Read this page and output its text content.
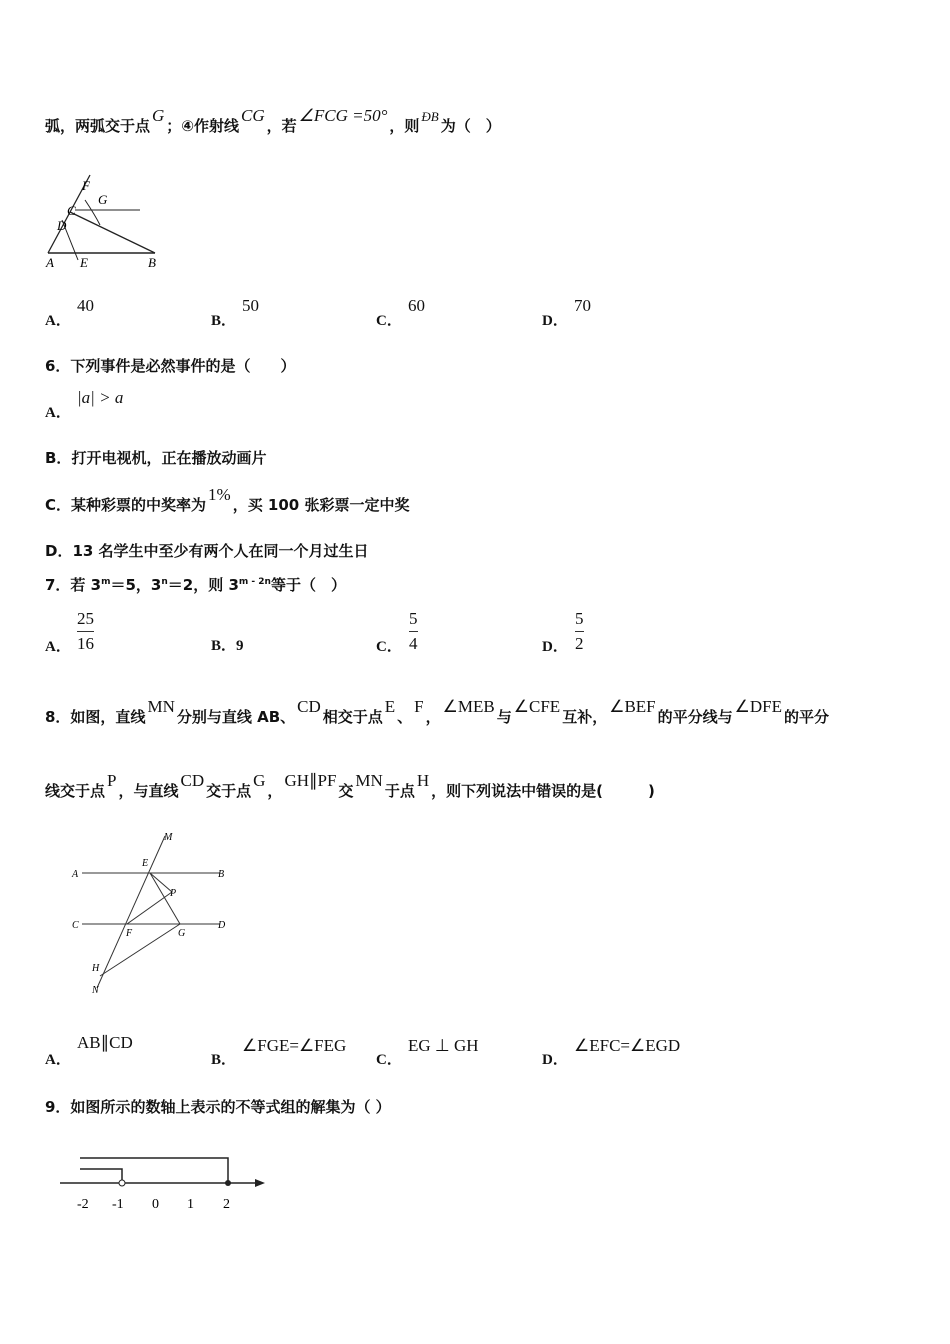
弧，两弧交于点G；④作射线CG，若∠FCG =50°，则ÐB为（　）
F
G
C
D
A E	B
A．
40
B．
50
C．
60
D．
70
6．下列事件是必然事件的是（　　）
A．
|a| > a
B．打开电视机，正在播放动画片
C．某种彩票的中奖率为1%，买 100 张彩票一定中奖
D．13 名学生中至少有两个人在同一个月过生日
7．若 $3^m=5$，$3^n=2$，则 $3^{m - 2n}$等于（　）
A．
25
16	B．9	C．
5
4	D．
5
2
8．如图，直线MN分别与直线 AB、CD相交于点E、F，∠MEB与∠CFE互补，∠BEF的平分线与∠DFE的平分
线交于点P，与直线CD交于点G，GH∥PF交MN于点H，则下列说法中错误的是(　　　)
M
E
A	B
P
C
F	G
D
H
N
A．
AB∥CD
B．
∠FGE=∠FEG
C．
EG ⊥ GH
D．
∠EFC=∠EGD
9．如图所示的数轴上表示的不等式组的解集为（ ）
-2 -1 0 1 2
